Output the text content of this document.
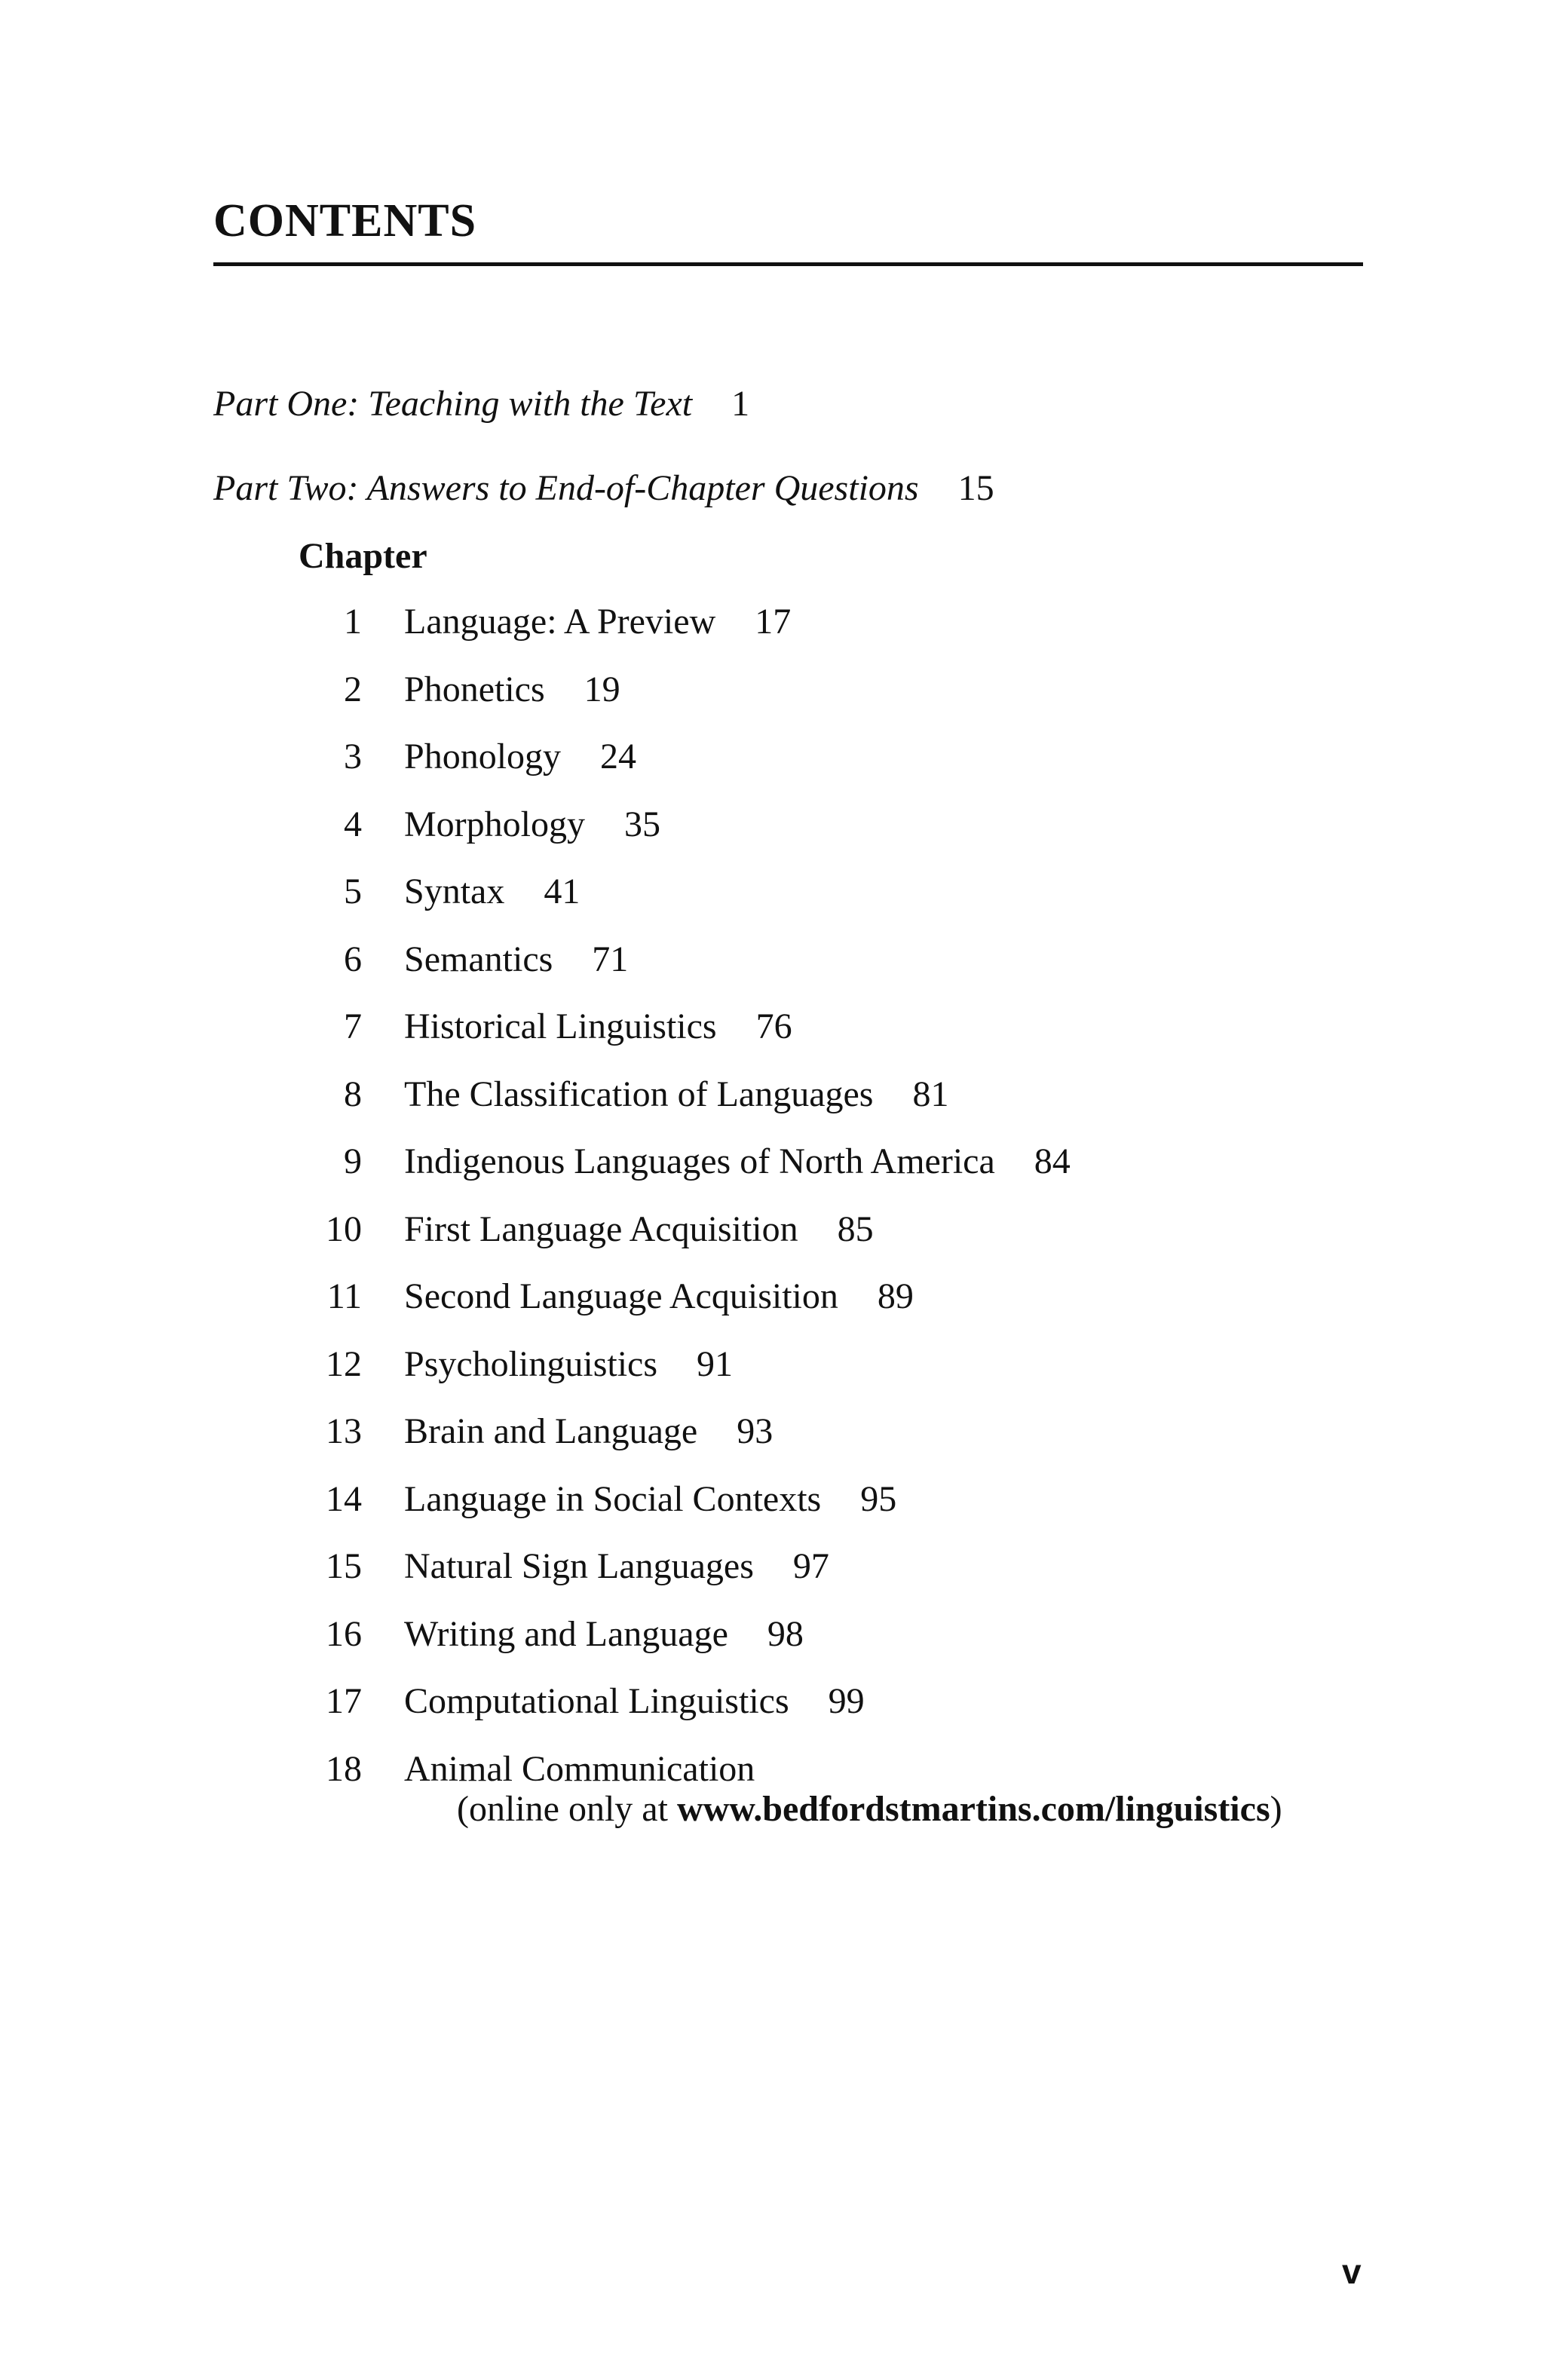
CONTENTS
Part One: Teaching with the Text 1
Part Two: Answers to End-of-Chapter Questions 15
Chapter
1 Language: A Preview 17
2 Phonetics 19
3 Phonology 24
4 Morphology 35
5 Syntax 41
6 Semantics 71
7 Historical Linguistics 76
8 The Classification of Languages 81
9 Indigenous Languages of North America 84
10 First Language Acquisition 85
11 Second Language Acquisition 89
12 Psycholinguistics 91
13 Brain and Language 93
14 Language in Social Contexts 95
15 Natural Sign Languages 97
16 Writing and Language 98
17 Computational Linguistics 99
18 Animal Communication
(online only at www.bedfordstmartins.com/linguistics)
v
